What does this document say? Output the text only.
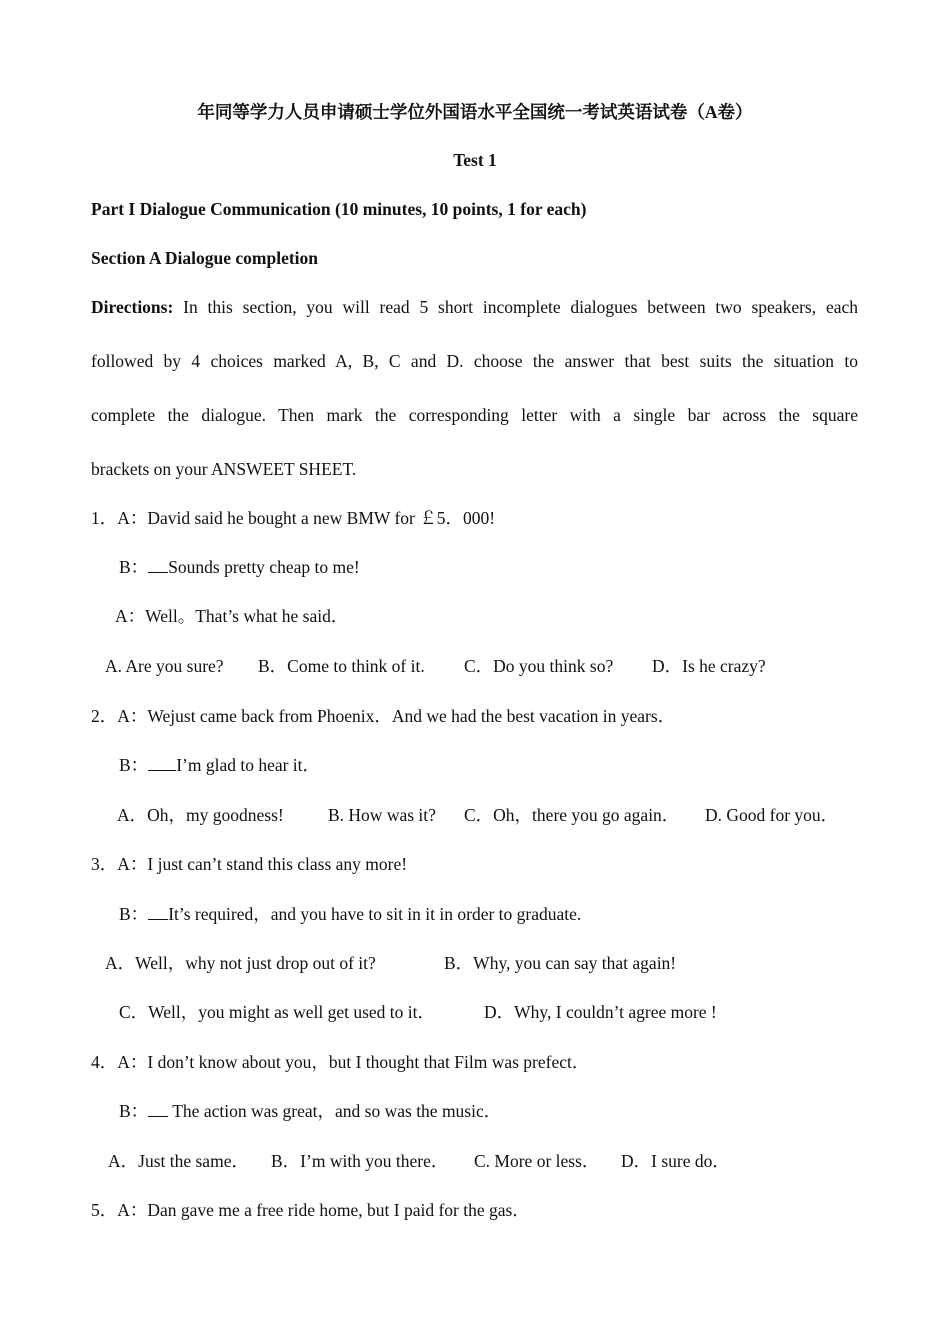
年同等学力人员申请硕士学位外国语水平全国统一考试英语试卷（A卷）
Test 1
Part I Dialogue Communication (10 minutes, 10 points, 1 for each)
Section A Dialogue completion
Directions: In this section, you will read 5 short incomplete dialogues between two speakers, each
followed by 4 choices marked A, B, C and D. choose the answer that best suits the situation to
complete the dialogue. Then mark the corresponding letter with a single bar across the square
brackets on your ANSWEET SHEET.
1．A：David said he bought a new BMW for ￡5．000!
B： Sounds pretty cheap to me!
A：Well。That’s what he said．
A. Are you sure? B．Come to think of it. C．Do you think so? D．Is he crazy?
2．A：Wejust came back from Phoenix．And we had the best vacation in years．
B： I’m glad to hear it．
A．Oh，my goodness!	B. How was it? C．Oh，there you go again． D. Good for you．
3．A：I just can’t stand this class any more!
B： It’s required，and you have to sit in it in order to graduate.
A．Well，why not just drop out of it?	B．Why, you can say that again!
C．Well，you might as well get used to it．	D．Why, I couldn’t agree more !
4．A：I don’t know about you，but I thought that Film was prefect．
B： The action was great，and so was the music．
A．Just the same． B．I’m with you there． C. More or less． D．I sure do．
5．A：Dan gave me a free ride home, but I paid for the gas．
